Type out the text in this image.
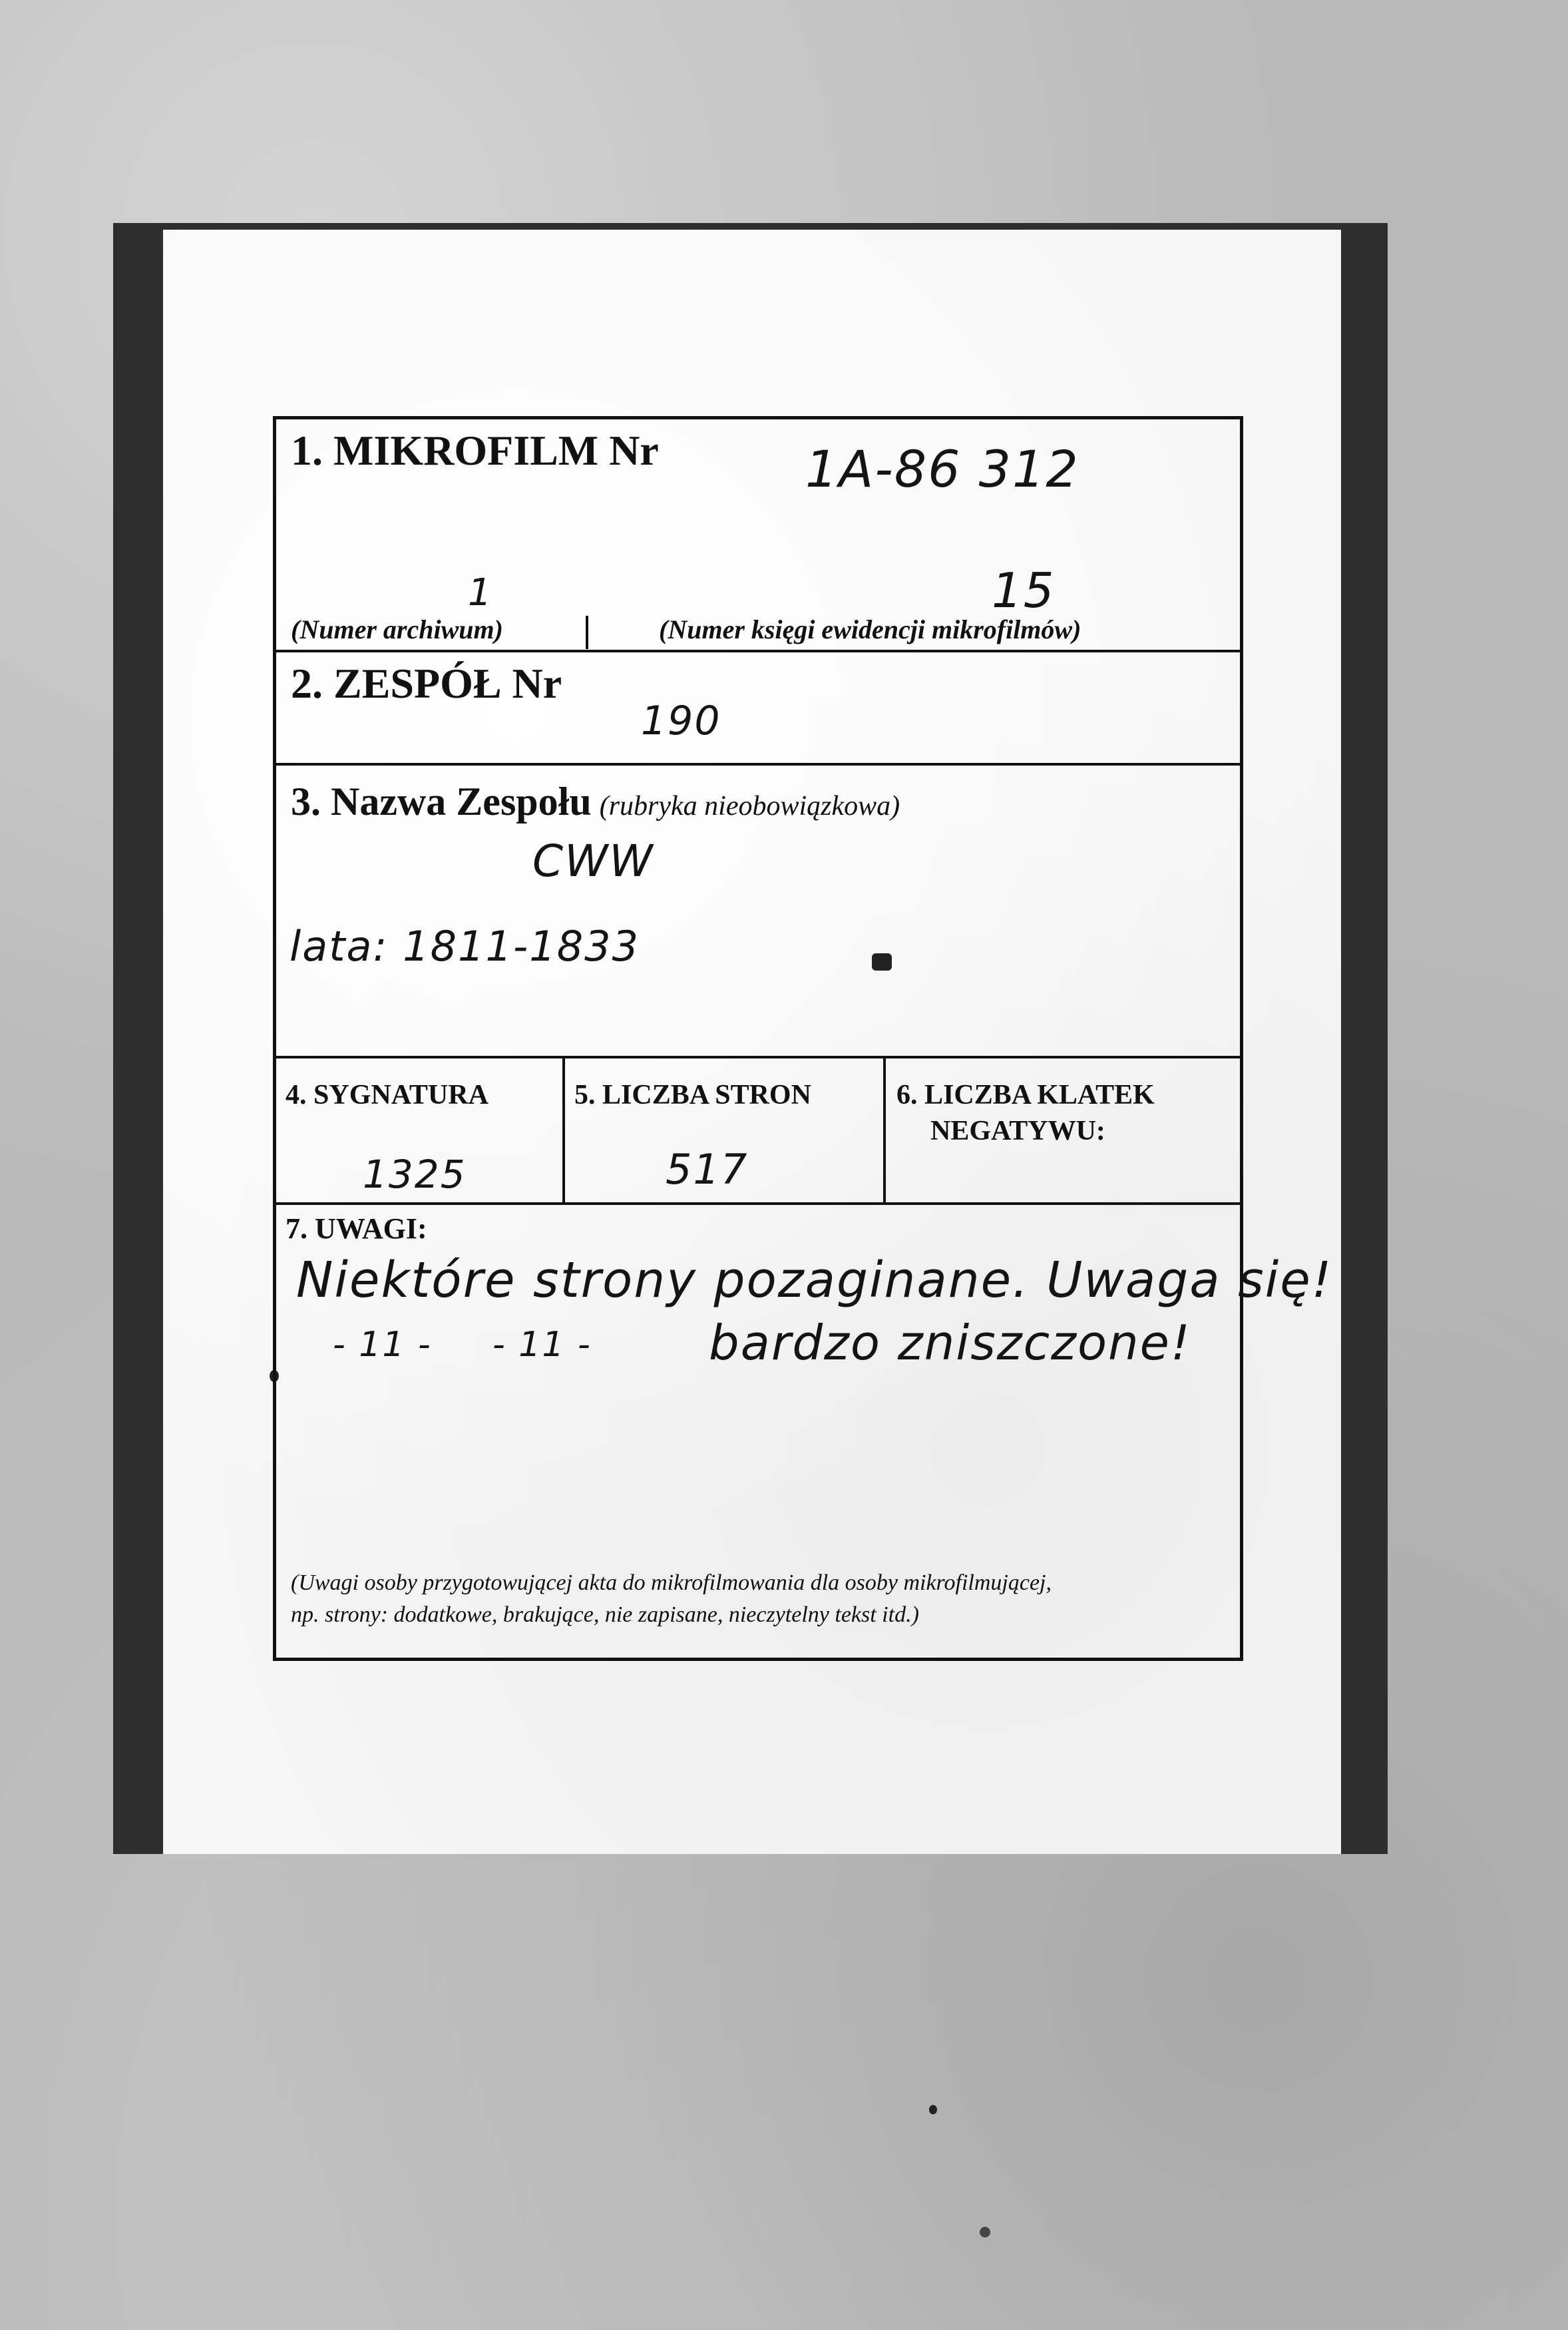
1. MIKROFILM Nr	1A-86 312
1	15
(Numer archiwum)	(Numer księgi ewidencji mikrofilmów)
2. ZESPÓŁ Nr
190
3. Nazwa Zespołu (rubryka nieobowiązkowa)
CWW
lata: 1811-1833
4. SYGNATURA
1325
5. LICZBA STRON
517
6. LICZBA KLATEK
NEGATYWU:
7. UWAGI:
Niektóre strony pozaginane. Uwaga się!
- 11 - - 11 - bardzo zniszczone!
(Uwagi osoby przygotowującej akta do mikrofilmowania dla osoby mikrofilmującej,
np. strony: dodatkowe, brakujące, nie zapisane, nieczytelny tekst itd.)
